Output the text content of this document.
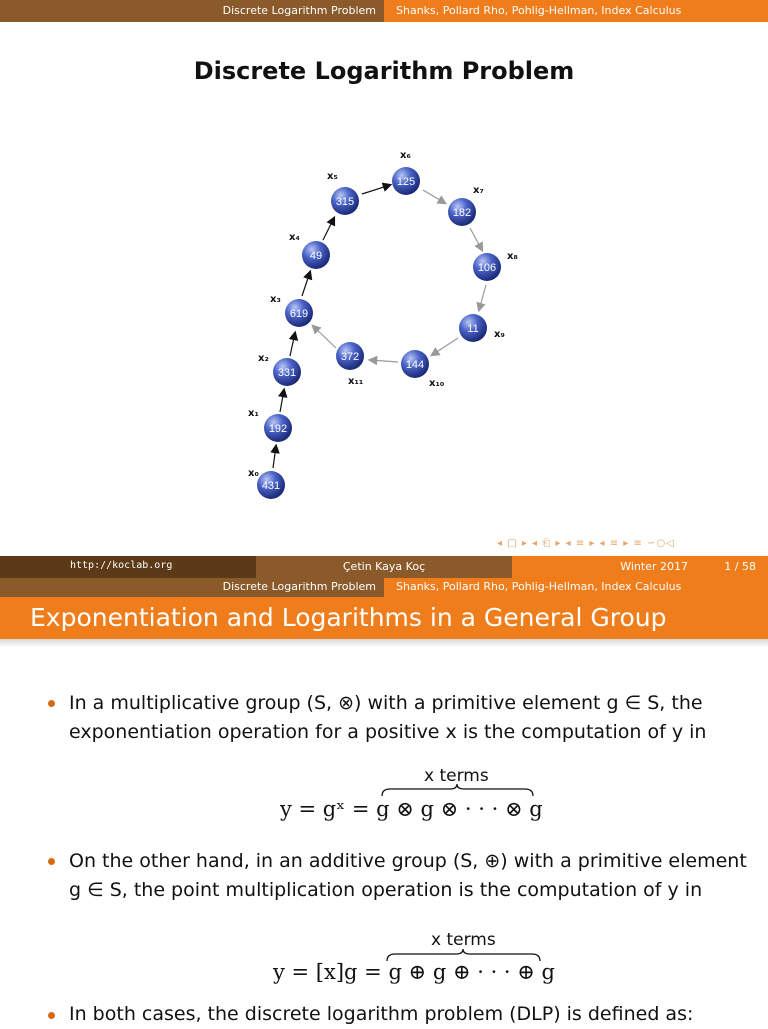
Discrete Logarithm Problem Shanks, Pollard Rho, Pohlig-Hellman, Index Calculus
Discrete Logarithm Problem
431
x₀
192
x₁
331
x₂
619
x₃
49
x₄
315
x₅	125
x₆
182
x₇
106
x₈
11 x₉
144
x₁₀
372
x₁₁
◂ □ ▸ ◂ ⎗ ▸ ◂ ≡ ▸ ◂ ≡ ▸ ≡ ∽○◁
http://koclab.org	Çetin Kaya Koç	Winter 2017	1 / 58
Discrete Logarithm Problem Shanks, Pollard Rho, Pohlig-Hellman, Index Calculus
Exponentiation and Logarithms in a General Group
In a multiplicative group (S, ⊗) with a primitive element g ∈ S, the exponentiation operation for a positive x is the computation of y in
x terms
y = gˣ = g ⊗ g ⊗ · · · ⊗ g
On the other hand, in an additive group (S, ⊕) with a primitive element g ∈ S, the point multiplication operation is the computation of y in
x terms
y = [x]g = g ⊕ g ⊕ · · · ⊕ g
In both cases, the discrete logarithm problem (DLP) is defined as:
